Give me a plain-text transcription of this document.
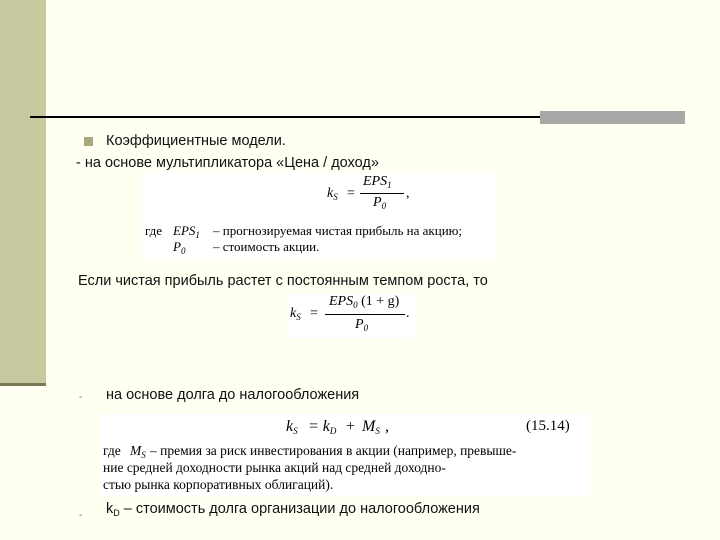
Коэффициентные модели.
- на основе мультипликатора «Цена / доход»
$k_S$ =
$EPS_1$
$P_0$
,
где $EPS_1$ – прогнозируемая чистая прибыль на акцию;
$P_0$ – стоимость акции.
Если чистая прибыль растет с постоянным темпом роста, то
$k_S$ =
$EPS_0$ (1 + g)
$P_0$
.
- на основе долга до налогообложения
$k_S = k_D + M_S$ ,	(15.14)
где $M_S$ – премия за риск инвестирования в акции (например, превыше-
ние средней доходности рынка акций над средней доходно-
стью рынка корпоративных облигаций).
- $k_D$ – стоимость долга организации до налогообложения
